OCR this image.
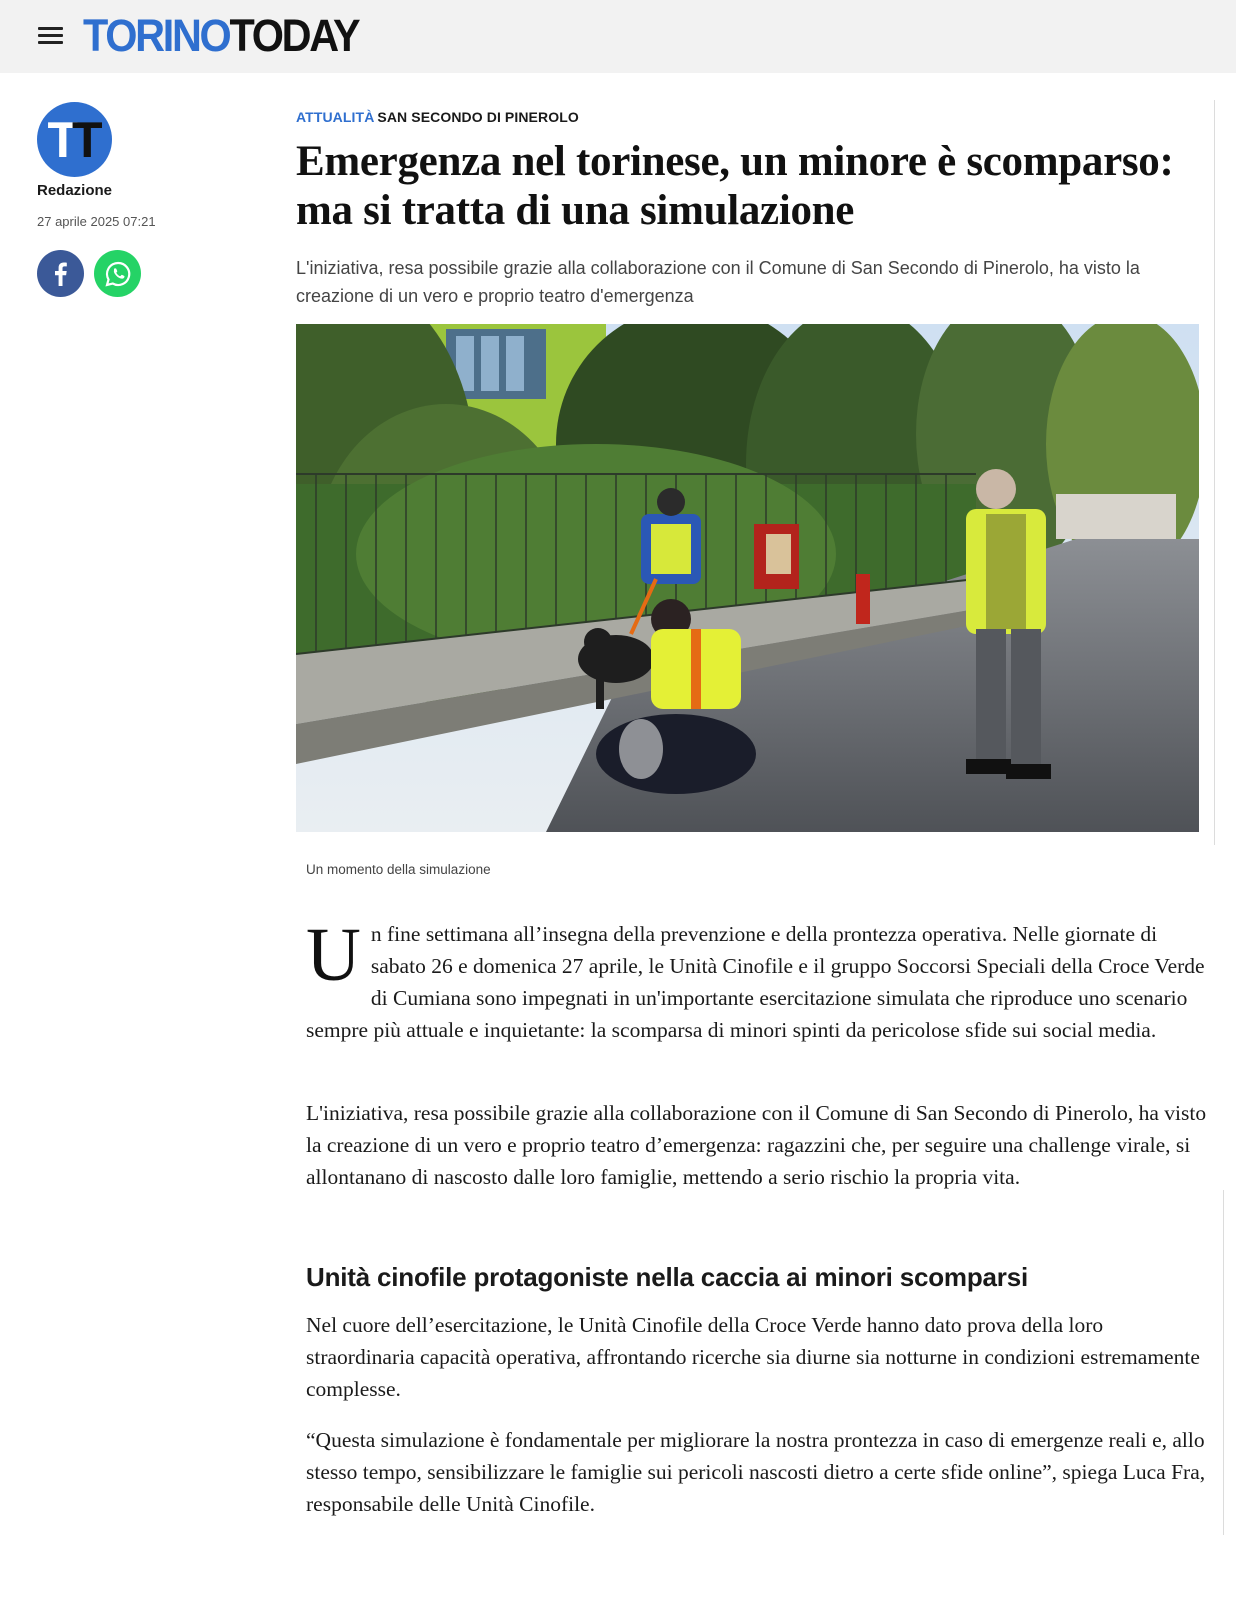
TORINOTODAY
T T
Redazione
27 aprile 2025 07:21
ATTUALITÀ SAN SECONDO DI PINEROLO
Emergenza nel torinese, un minore è scomparso: ma si tratta di una simulazione

L'iniziativa, resa possibile grazie alla collaborazione con il Comune di San Secondo di Pinerolo, ha visto la creazione di un vero e proprio teatro d'emergenza

Un momento della simulazione
Un fine settimana all’insegna della prevenzione e della prontezza operativa. Nelle giornate di sabato 26 e domenica 27 aprile, le Unità Cinofile e il gruppo Soccorsi Speciali della Croce Verde di Cumiana sono impegnati in un'importante esercitazione simulata che riproduce uno scenario sempre più attuale e inquietante: la scomparsa di minori spinti da pericolose sfide sui social media.
L'iniziativa, resa possibile grazie alla collaborazione con il Comune di San Secondo di Pinerolo, ha visto la creazione di un vero e proprio teatro d’emergenza: ragazzini che, per seguire una challenge virale, si allontanano di nascosto dalle loro famiglie, mettendo a serio rischio la propria vita.
Unità cinofile protagoniste nella caccia ai minori scomparsi
Nel cuore dell’esercitazione, le Unità Cinofile della Croce Verde hanno dato prova della loro straordinaria capacità operativa, affrontando ricerche sia diurne sia notturne in condizioni estremamente complesse.
“Questa simulazione è fondamentale per migliorare la nostra prontezza in caso di emergenze reali e, allo stesso tempo, sensibilizzare le famiglie sui pericoli nascosti dietro a certe sfide online”, spiega Luca Fra, responsabile delle Unità Cinofile.
